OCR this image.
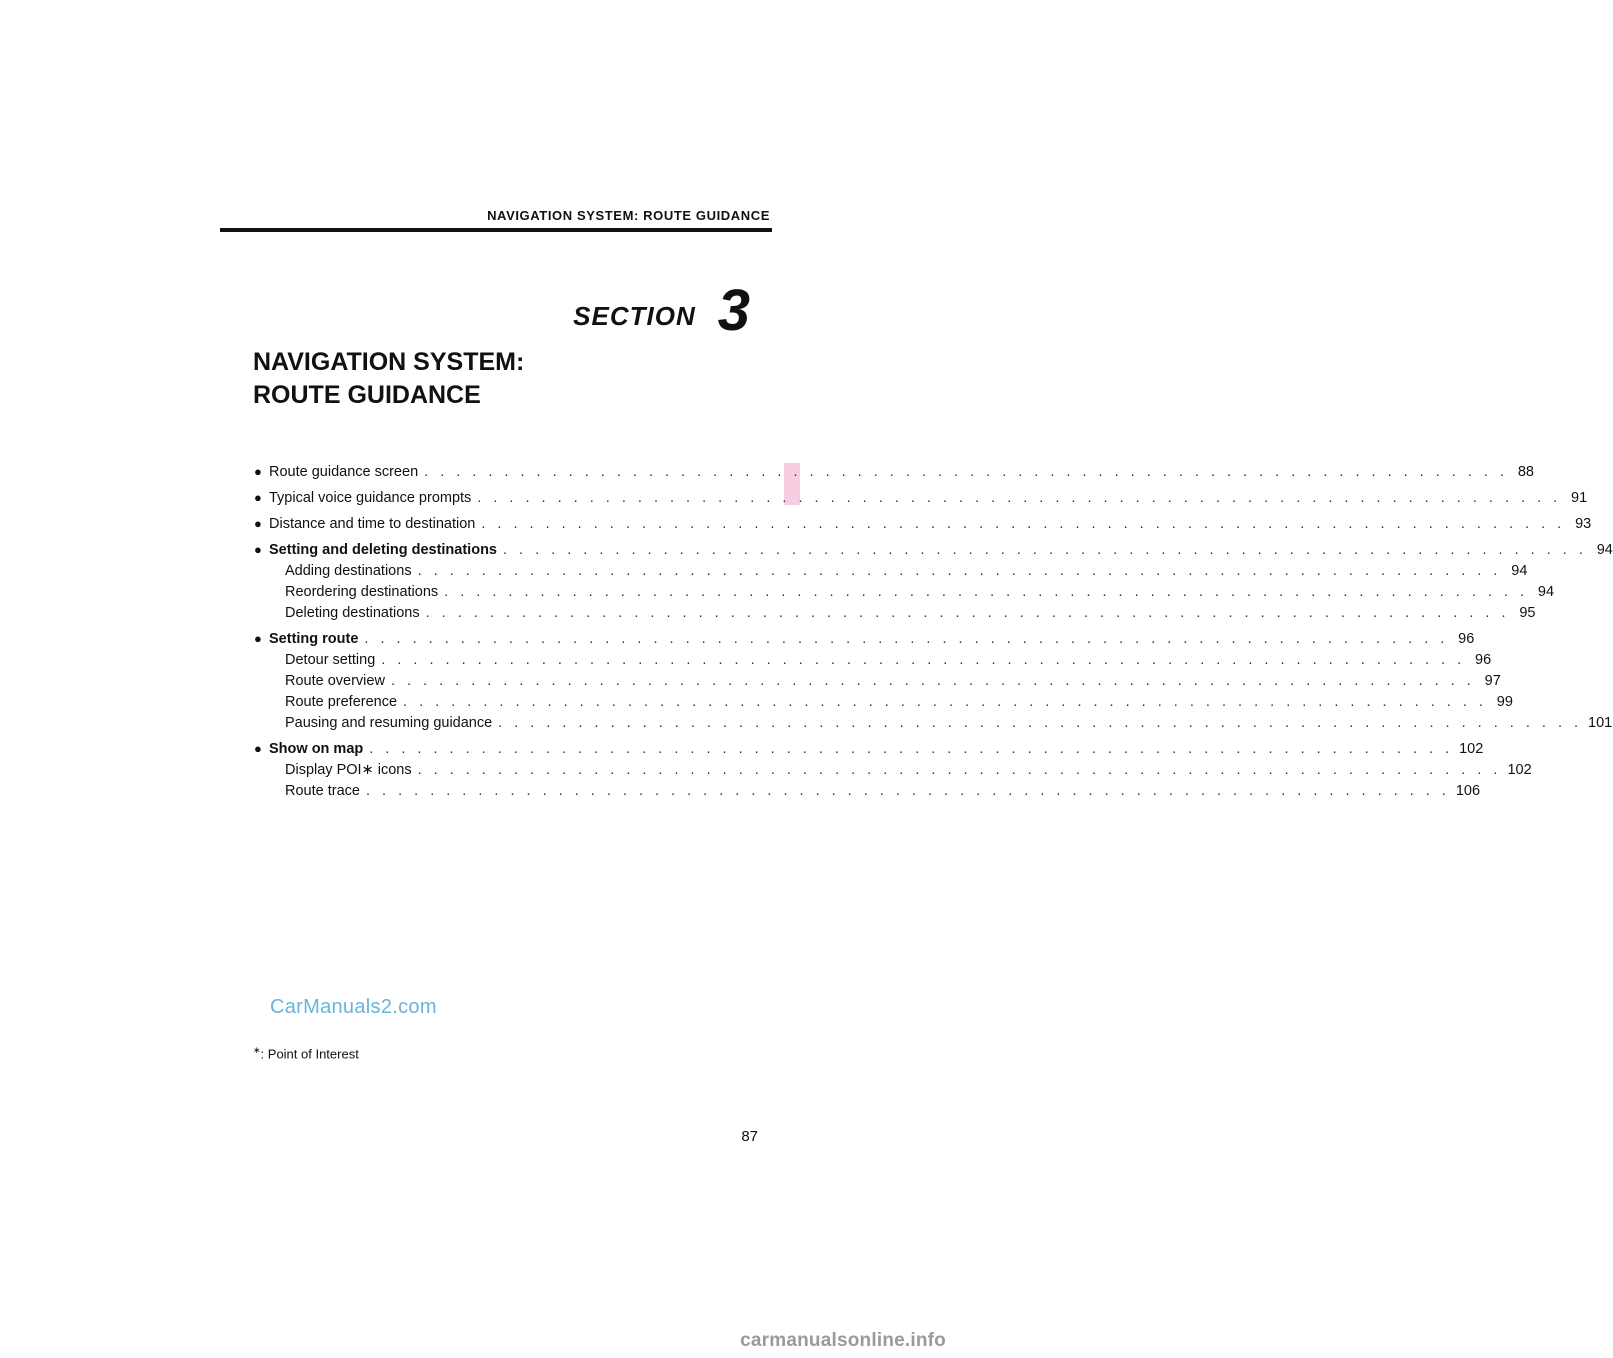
NAVIGATION SYSTEM: ROUTE GUIDANCE
SECTION 3
NAVIGATION SYSTEM:
ROUTE GUIDANCE
● Route guidance screen . . . . . . . . . . . . . . . . . . . . . . . . . . . . . . . . . . . . . . . . . . . . . . . . . . . . . . . . . . . . . . . . . . . . 88
● Typical voice guidance prompts . . . . . . . . . . . . . . . . . . . . . . . . . . . . . . . . . . . . . . . . . . . . . . . . . . . . . . . . . . . . . . . . . . . . 91
● Distance and time to destination . . . . . . . . . . . . . . . . . . . . . . . . . . . . . . . . . . . . . . . . . . . . . . . . . . . . . . . . . . . . . . . . . . . . 93
● Setting and deleting destinations . . . . . . . . . . . . . . . . . . . . . . . . . . . . . . . . . . . . . . . . . . . . . . . . . . . . . . . . . . . . . . . . . . . . 94
Adding destinations . . . . . . . . . . . . . . . . . . . . . . . . . . . . . . . . . . . . . . . . . . . . . . . . . . . . . . . . . . . . . . . . . . . . 94
Reordering destinations . . . . . . . . . . . . . . . . . . . . . . . . . . . . . . . . . . . . . . . . . . . . . . . . . . . . . . . . . . . . . . . . . . . . 94
Deleting destinations . . . . . . . . . . . . . . . . . . . . . . . . . . . . . . . . . . . . . . . . . . . . . . . . . . . . . . . . . . . . . . . . . . . . 95
● Setting route . . . . . . . . . . . . . . . . . . . . . . . . . . . . . . . . . . . . . . . . . . . . . . . . . . . . . . . . . . . . . . . . . . . . 96
Detour setting . . . . . . . . . . . . . . . . . . . . . . . . . . . . . . . . . . . . . . . . . . . . . . . . . . . . . . . . . . . . . . . . . . . . 96
Route overview . . . . . . . . . . . . . . . . . . . . . . . . . . . . . . . . . . . . . . . . . . . . . . . . . . . . . . . . . . . . . . . . . . . . 97
Route preference . . . . . . . . . . . . . . . . . . . . . . . . . . . . . . . . . . . . . . . . . . . . . . . . . . . . . . . . . . . . . . . . . . . . 99
Pausing and resuming guidance . . . . . . . . . . . . . . . . . . . . . . . . . . . . . . . . . . . . . . . . . . . . . . . . . . . . . . . . . . . . . . . . . . . . 101
● Show on map . . . . . . . . . . . . . . . . . . . . . . . . . . . . . . . . . . . . . . . . . . . . . . . . . . . . . . . . . . . . . . . . . . . . 102
Display POI∗ icons . . . . . . . . . . . . . . . . . . . . . . . . . . . . . . . . . . . . . . . . . . . . . . . . . . . . . . . . . . . . . . . . . . . . 102
Route trace . . . . . . . . . . . . . . . . . . . . . . . . . . . . . . . . . . . . . . . . . . . . . . . . . . . . . . . . . . . . . . . . . . . . 106
CarManuals2.com
∗: Point of Interest
87
carmanualsonline.info
